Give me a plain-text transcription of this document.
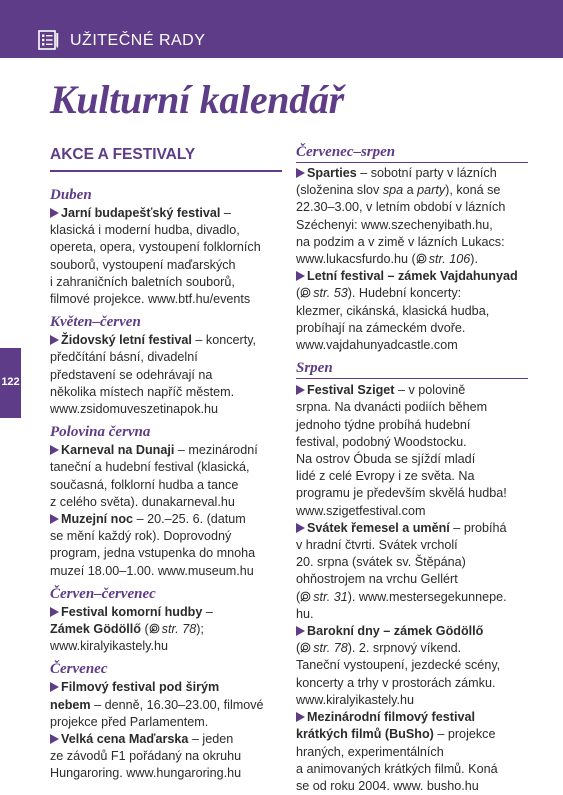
UŽITEČNÉ RADY
Kulturní kalendář
122
AKCE A FESTIVALY
Duben
Jarní budapešťský festival –
klasická i moderní hudba, divadlo,
opereta, opera, vystoupení folklorních
souborů, vystoupení maďarských
i zahraničních baletních souborů,
filmové projekce. www.btf.hu/events
Květen–červen
Židovský letní festival – koncerty,
předčítání básní, divadelní
představení se odehrávají na
několika místech napříč městem.
www.zsidomuveszetinapok.hu
Polovina června
Karneval na Dunaji – mezinárodní
taneční a hudební festival (klasická,
současná, folklorní hudba a tance
z celého světa). dunakarneval.hu
Muzejní noc – 20.–25. 6. (datum
se mění každý rok). Doprovodný
program, jedna vstupenka do mnoha
muzeí 18.00–1.00. www.museum.hu
Červen–červenec
Festival komorní hudby –
Zámek Gödöllő ( str. 78);
www.kiralyikastely.hu
Červenec
Filmový festival pod širým
nebem – denně, 16.30–23.00, filmové
projekce před Parlamentem.
Velká cena Maďarska – jeden
ze závodů F1 pořádaný na okruhu
Hungaroring. www.hungaroring.hu
Červenec–srpen
Sparties – sobotní party v lázních
(složenina slov spa a party), koná se
22.30–3.00, v letním období v lázních
Széchenyi: www.szechenyibath.hu,
na podzim a v zimě v lázních Lukacs:
www.lukacsfurdo.hu ( str. 106).
Letní festival – zámek Vajdahunyad
( str. 53). Hudební koncerty:
klezmer, cikánská, klasická hudba,
probíhají na zámeckém dvoře.
www.vajdahunyadcastle.com
Srpen
Festival Sziget – v polovině
srpna. Na dvanácti podiích během
jednoho týdne probíhá hudební
festival, podobný Woodstocku.
Na ostrov Óbuda se sjíždí mladí
lidé z celé Evropy i ze světa. Na
programu je především skvělá hudba!
www.szigetfestival.com
Svátek řemesel a umění – probíhá
v hradní čtvrti. Svátek vrcholí
20. srpna (svátek sv. Štěpána)
ohňostrojem na vrchu Gellért
( str. 31). www.mestersegekunnepe.
hu.
Barokní dny – zámek Gödöllő
( str. 78). 2. srpnový víkend.
Taneční vystoupení, jezdecké scény,
koncerty a trhy v prostorách zámku.
www.kiralyikastely.hu
Mezinárodní filmový festival
krátkých filmů (BuSho) – projekce
hraných, experimentálních
a animovaných krátkých filmů. Koná
se od roku 2004. www. busho.hu
